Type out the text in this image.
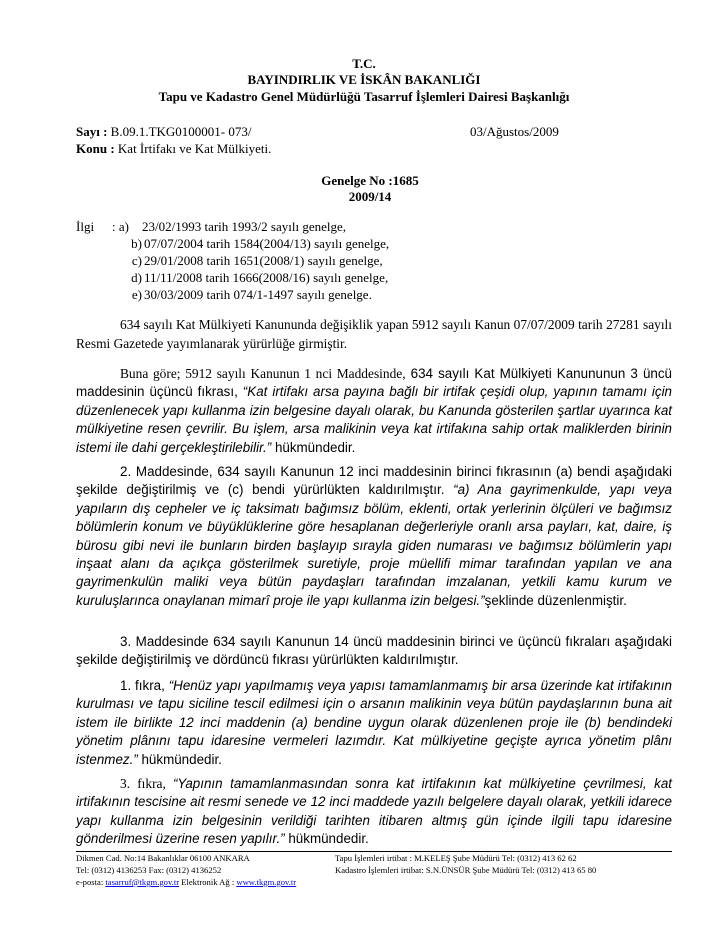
T.C.
BAYINDIRLIK VE İSKÂN BAKANLIĞI
Tapu ve Kadastro Genel Müdürlüğü Tasarruf İşlemleri Dairesi Başkanlığı
Sayı : B.09.1.TKG0100001- 073/	03/Ağustos/2009
Konu : Kat İrtifakı ve Kat Mülkiyeti.
Genelge No :1685
2009/14
İlgi : a) 23/02/1993 tarih 1993/2 sayılı genelge,
b) 07/07/2004 tarih 1584(2004/13) sayılı genelge,
c) 29/01/2008 tarih 1651(2008/1) sayılı genelge,
d) 11/11/2008 tarih 1666(2008/16) sayılı genelge,
e) 30/03/2009 tarih 074/1-1497 sayılı genelge.
634 sayılı Kat Mülkiyeti Kanununda değişiklik yapan 5912 sayılı Kanun 07/07/2009 tarih 27281 sayılı Resmi Gazetede yayımlanarak yürürlüğe girmiştir.
Buna göre; 5912 sayılı Kanunun 1 nci Maddesinde, 634 sayılı Kat Mülkiyeti Kanununun 3 üncü maddesinin üçüncü fıkrası, “Kat irtifakı arsa payına bağlı bir irtifak çeşidi olup, yapının tamamı için düzenlenecek yapı kullanma izin belgesine dayalı olarak, bu Kanunda gösterilen şartlar uyarınca kat mülkiyetine resen çevrilir. Bu işlem, arsa malikinin veya kat irtifakına sahip ortak maliklerden birinin istemi ile dahi gerçekleştirilebilir.” hükmündedir.
2. Maddesinde, 634 sayılı Kanunun 12 inci maddesinin birinci fıkrasının (a) bendi aşağıdaki şekilde değiştirilmiş ve (c) bendi yürürlükten kaldırılmıştır. “a) Ana gayrimenkulde, yapı veya yapıların dış cepheler ve iç taksimatı bağımsız bölüm, eklenti, ortak yerlerinin ölçüleri ve bağımsız bölümlerin konum ve büyüklüklerine göre hesaplanan değerleriyle oranlı arsa payları, kat, daire, iş bürosu gibi nevi ile bunların birden başlayıp sırayla giden numarası ve bağımsız bölümlerin yapı inşaat alanı da açıkça gösterilmek suretiyle, proje müellifi mimar tarafından yapılan ve ana gayrimenkulün maliki veya bütün paydaşları tarafından imzalanan, yetkili kamu kurum ve kuruluşlarınca onaylanan mimarî proje ile yapı kullanma izin belgesi.”şeklinde düzenlenmiştir.
3. Maddesinde 634 sayılı Kanunun 14 üncü maddesinin birinci ve üçüncü fıkraları aşağıdaki şekilde değiştirilmiş ve dördüncü fıkrası yürürlükten kaldırılmıştır.
1. fıkra, “Henüz yapı yapılmamış veya yapısı tamamlanmamış bir arsa üzerinde kat irtifakının kurulması ve tapu siciline tescil edilmesi için o arsanın malikinin veya bütün paydaşlarının buna ait istem ile birlikte 12 inci maddenin (a) bendine uygun olarak düzenlenen proje ile (b) bendindeki yönetim plânını tapu idaresine vermeleri lazımdır. Kat mülkiyetine geçişte ayrıca yönetim plânı istenmez.” hükmündedir.
3. fıkra, “Yapının tamamlanmasından sonra kat irtifakının kat mülkiyetine çevrilmesi, kat irtifakının tescisine ait resmi senede ve 12 inci maddede yazılı belgelere dayalı olarak, yetkili idarece yapı kullanma izin belgesinin verildiği tarihten itibaren altmış gün içinde ilgili tapu idaresine gönderilmesi üzerine resen yapılır.” hükmündedir.
Dikmen Cad. No:14 Bakanlıklar 06100 ANKARA
Tel: (0312) 4136253 Fax: (0312) 4136252
e-posta: tasarruf@tkgm.gov.tr Elektronik Ağ : www.tkgm.gov.tr
Tapu İşlemleri irtibat : M.KELEŞ Şube Müdürü Tel: (0312) 413 62 62
Kadastro İşlemleri irtibat: S.N.ÜNSÜR Şube Müdürü Tel: (0312) 413 65 80
